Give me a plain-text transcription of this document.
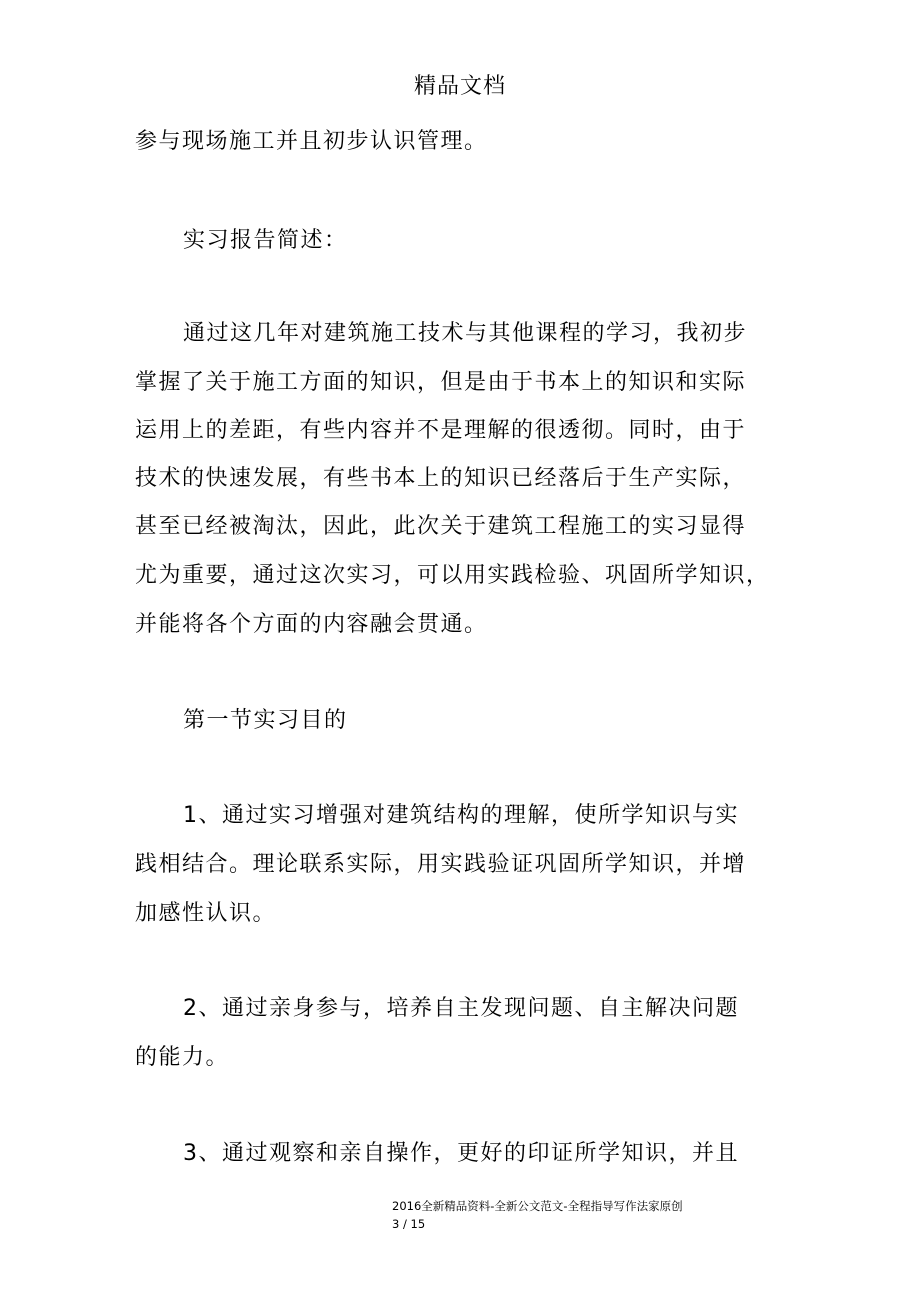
精品文档
参与现场施工并且初步认识管理。
实习报告简述：
通过这几年对建筑施工技术与其他课程的学习，我初步
掌握了关于施工方面的知识，但是由于书本上的知识和实际
运用上的差距，有些内容并不是理解的很透彻。同时，由于
技术的快速发展，有些书本上的知识已经落后于生产实际，
甚至已经被淘汰，因此，此次关于建筑工程施工的实习显得
尤为重要，通过这次实习，可以用实践检验、巩固所学知识，
并能将各个方面的内容融会贯通。
第一节实习目的
1、通过实习增强对建筑结构的理解，使所学知识与实
践相结合。理论联系实际，用实践验证巩固所学知识，并增
加感性认识。
2、通过亲身参与，培养自主发现问题、自主解决问题
的能力。
3、通过观察和亲自操作，更好的印证所学知识，并且
2016全新精品资料-全新公文范文-全程指导写作法家原创
3 / 15
